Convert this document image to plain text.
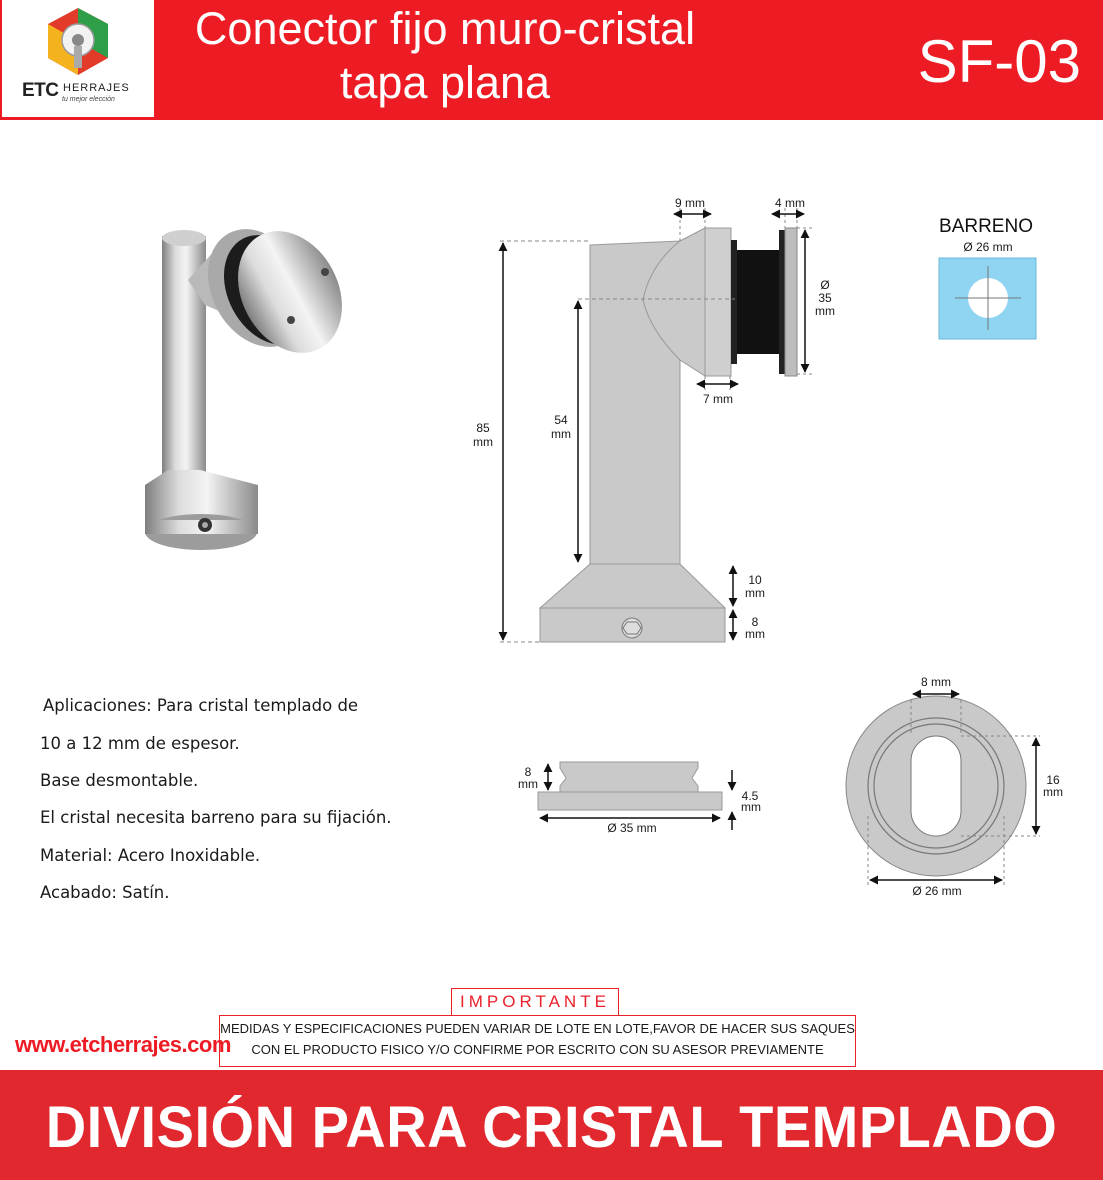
ETC HERRAJES
tu mejor elección
Conector fijo muro-cristal
tapa plana	SF-03
9 mm	4 mm
Ø
35
mm
7 mm
85
mm
54
mm
10
mm
8
mm
BARRENO
Ø 26 mm
8
mm
4.5
mm
Ø 35 mm
8 mm
16
mm
Ø 26 mm
Aplicaciones: Para cristal templado de
10 a 12 mm de espesor.
Base desmontable.
El cristal necesita barreno para su fijación.
Material: Acero Inoxidable.
Acabado: Satín.
IMPORTANTE
MEDIDAS Y ESPECIFICACIONES PUEDEN VARIAR DE LOTE EN LOTE,FAVOR DE HACER SUS SAQUES
CON EL PRODUCTO FISICO Y/O CONFIRME POR ESCRITO CON SU ASESOR PREVIAMENTE
www.etcherrajes.com
DIVISIÓN PARA CRISTAL TEMPLADO
